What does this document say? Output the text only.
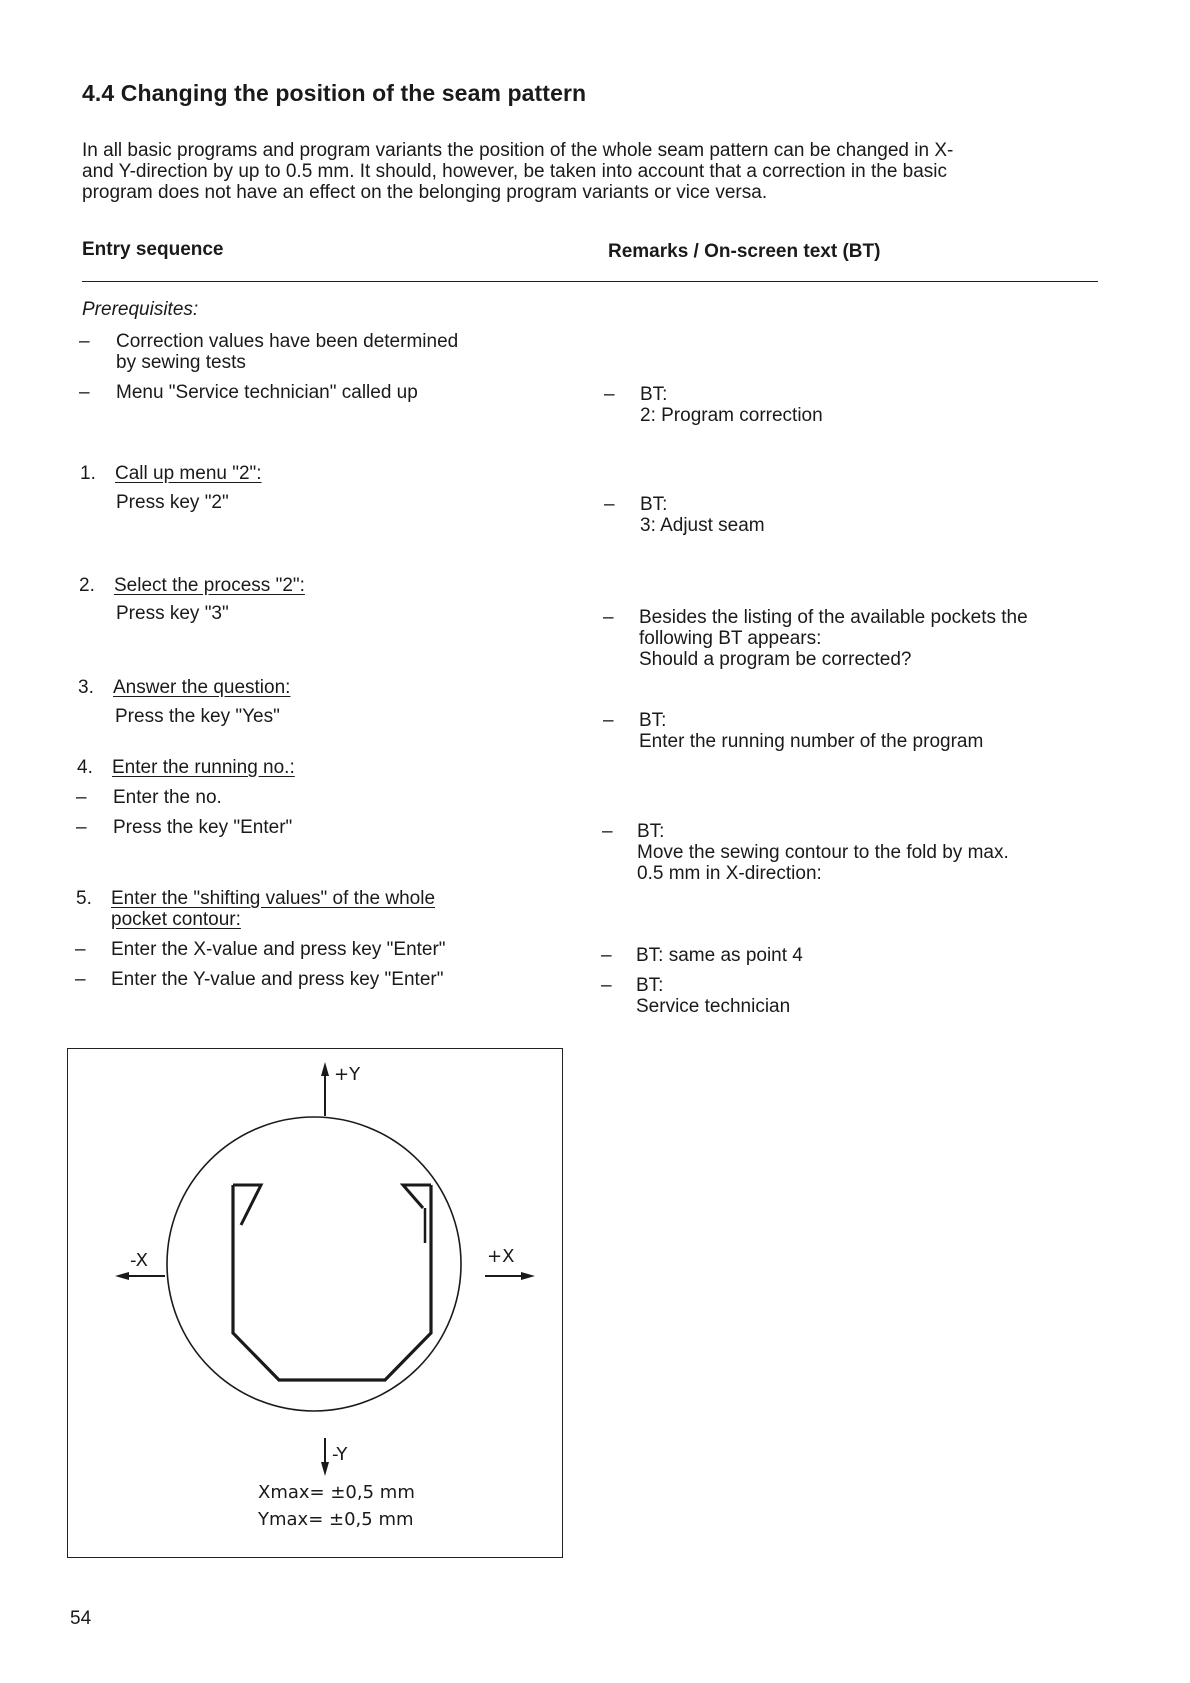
4.4 Changing the position of the seam pattern
In all basic programs and program variants the position of the whole seam pattern can be changed in X-
and Y-direction by up to 0.5 mm. It should, however, be taken into account that a correction in the basic
program does not have an effect on the belonging program variants or vice versa.
Entry sequence	Remarks / On-screen text (BT)
Prerequisites:
– Correction values have been determined
by sewing tests
– Menu "Service technician" called up
1. Call up menu "2":
Press key "2"
2. Select the process "2":
Press key "3"
3. Answer the question:
Press the key "Yes"
4. Enter the running no.:
– Enter the no.
– Press the key "Enter"
5. Enter the "shifting values" of the whole
pocket contour:
– Enter the X-value and press key "Enter"
– Enter the Y-value and press key "Enter"
– BT:
2: Program correction
– BT:
3: Adjust seam
– Besides the listing of the available pockets the
following BT appears:
Should a program be corrected?
– BT:
Enter the running number of the program
– BT:
Move the sewing contour to the fold by max.
0.5 mm in X-direction:
– BT: same as point 4
– BT:
Service technician
+Y
-Y
-X	+X
Xmax= ±0,5 mm
Ymax= ±0,5 mm
54
